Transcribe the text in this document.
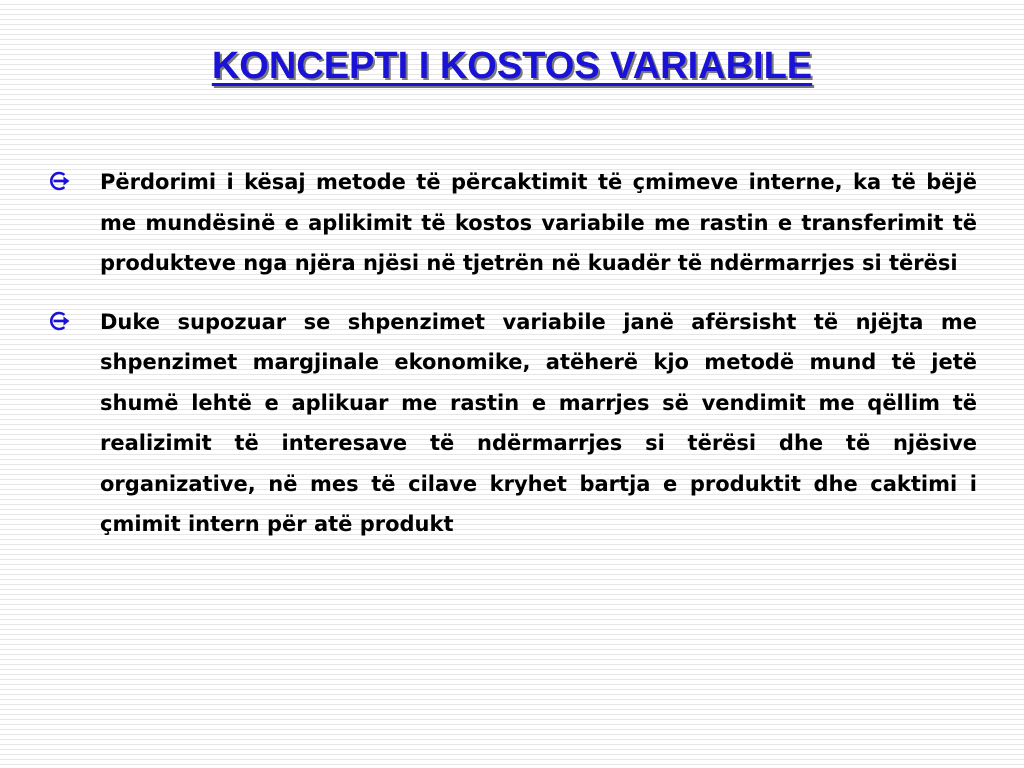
KONCEPTI I KOSTOS VARIABILE
Përdorimi i kësaj metode të përcaktimit të çmimeve interne, ka të bëjë me mundësinë e aplikimit të kostos variabile me rastin e transferimit të produkteve nga njëra njësi në tjetrën në kuadër të ndërmarrjes si tërësi
Duke supozuar se shpenzimet variabile janë afërsisht të njëjta me shpenzimet margjinale ekonomike, atëherë kjo metodë mund të jetë shumë lehtë e aplikuar me rastin e marrjes së vendimit me qëllim të realizimit të interesave të ndërmarrjes si tërësi dhe të njësive organizative, në mes të cilave kryhet bartja e produktit dhe caktimi i çmimit intern për atë produkt
